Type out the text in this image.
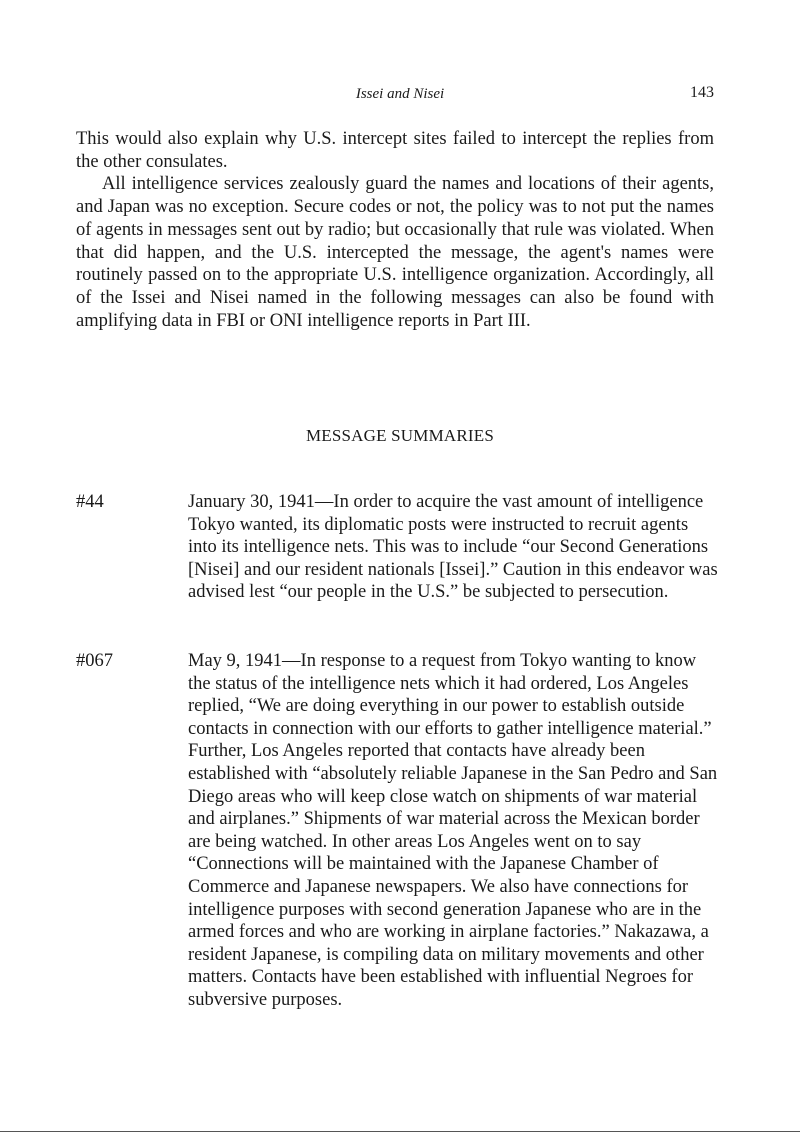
Issei and Nisei	143

This would also explain why U.S. intercept sites failed to intercept the replies from the other consulates.

All intelligence services zealously guard the names and locations of their agents, and Japan was no exception. Secure codes or not, the policy was to not put the names of agents in messages sent out by radio; but occasionally that rule was violated. When that did happen, and the U.S. intercepted the message, the agent's names were routinely passed on to the appropriate U.S. intelligence organization. Accordingly, all of the Issei and Nisei named in the following messages can also be found with amplifying data in FBI or ONI intelligence reports in Part III.

MESSAGE SUMMARIES
#44	January 30, 1941—In order to acquire the vast amount of intelligence Tokyo wanted, its diplomatic posts were instructed to recruit agents into its intelligence nets. This was to include “our Second Generations [Nisei] and our resident nationals [Issei].” Caution in this endeavor was advised lest “our people in the U.S.” be subjected to persecution.

#067	May 9, 1941—In response to a request from Tokyo wanting to know the status of the intelligence nets which it had ordered, Los Angeles replied, “We are doing everything in our power to establish outside contacts in connection with our efforts to gather intelligence material.” Further, Los Angeles reported that contacts have already been established with “absolutely reliable Japanese in the San Pedro and San Diego areas who will keep close watch on shipments of war material and airplanes.” Shipments of war material across the Mexican border are being watched. In other areas Los Angeles went on to say “Connections will be maintained with the Japanese Chamber of Commerce and Japanese newspapers. We also have connections for intelligence purposes with second generation Japanese who are in the armed forces and who are working in airplane factories.” Nakazawa, a resident Japanese, is compiling data on military movements and other matters. Contacts have been established with influential Negroes for subversive purposes.
